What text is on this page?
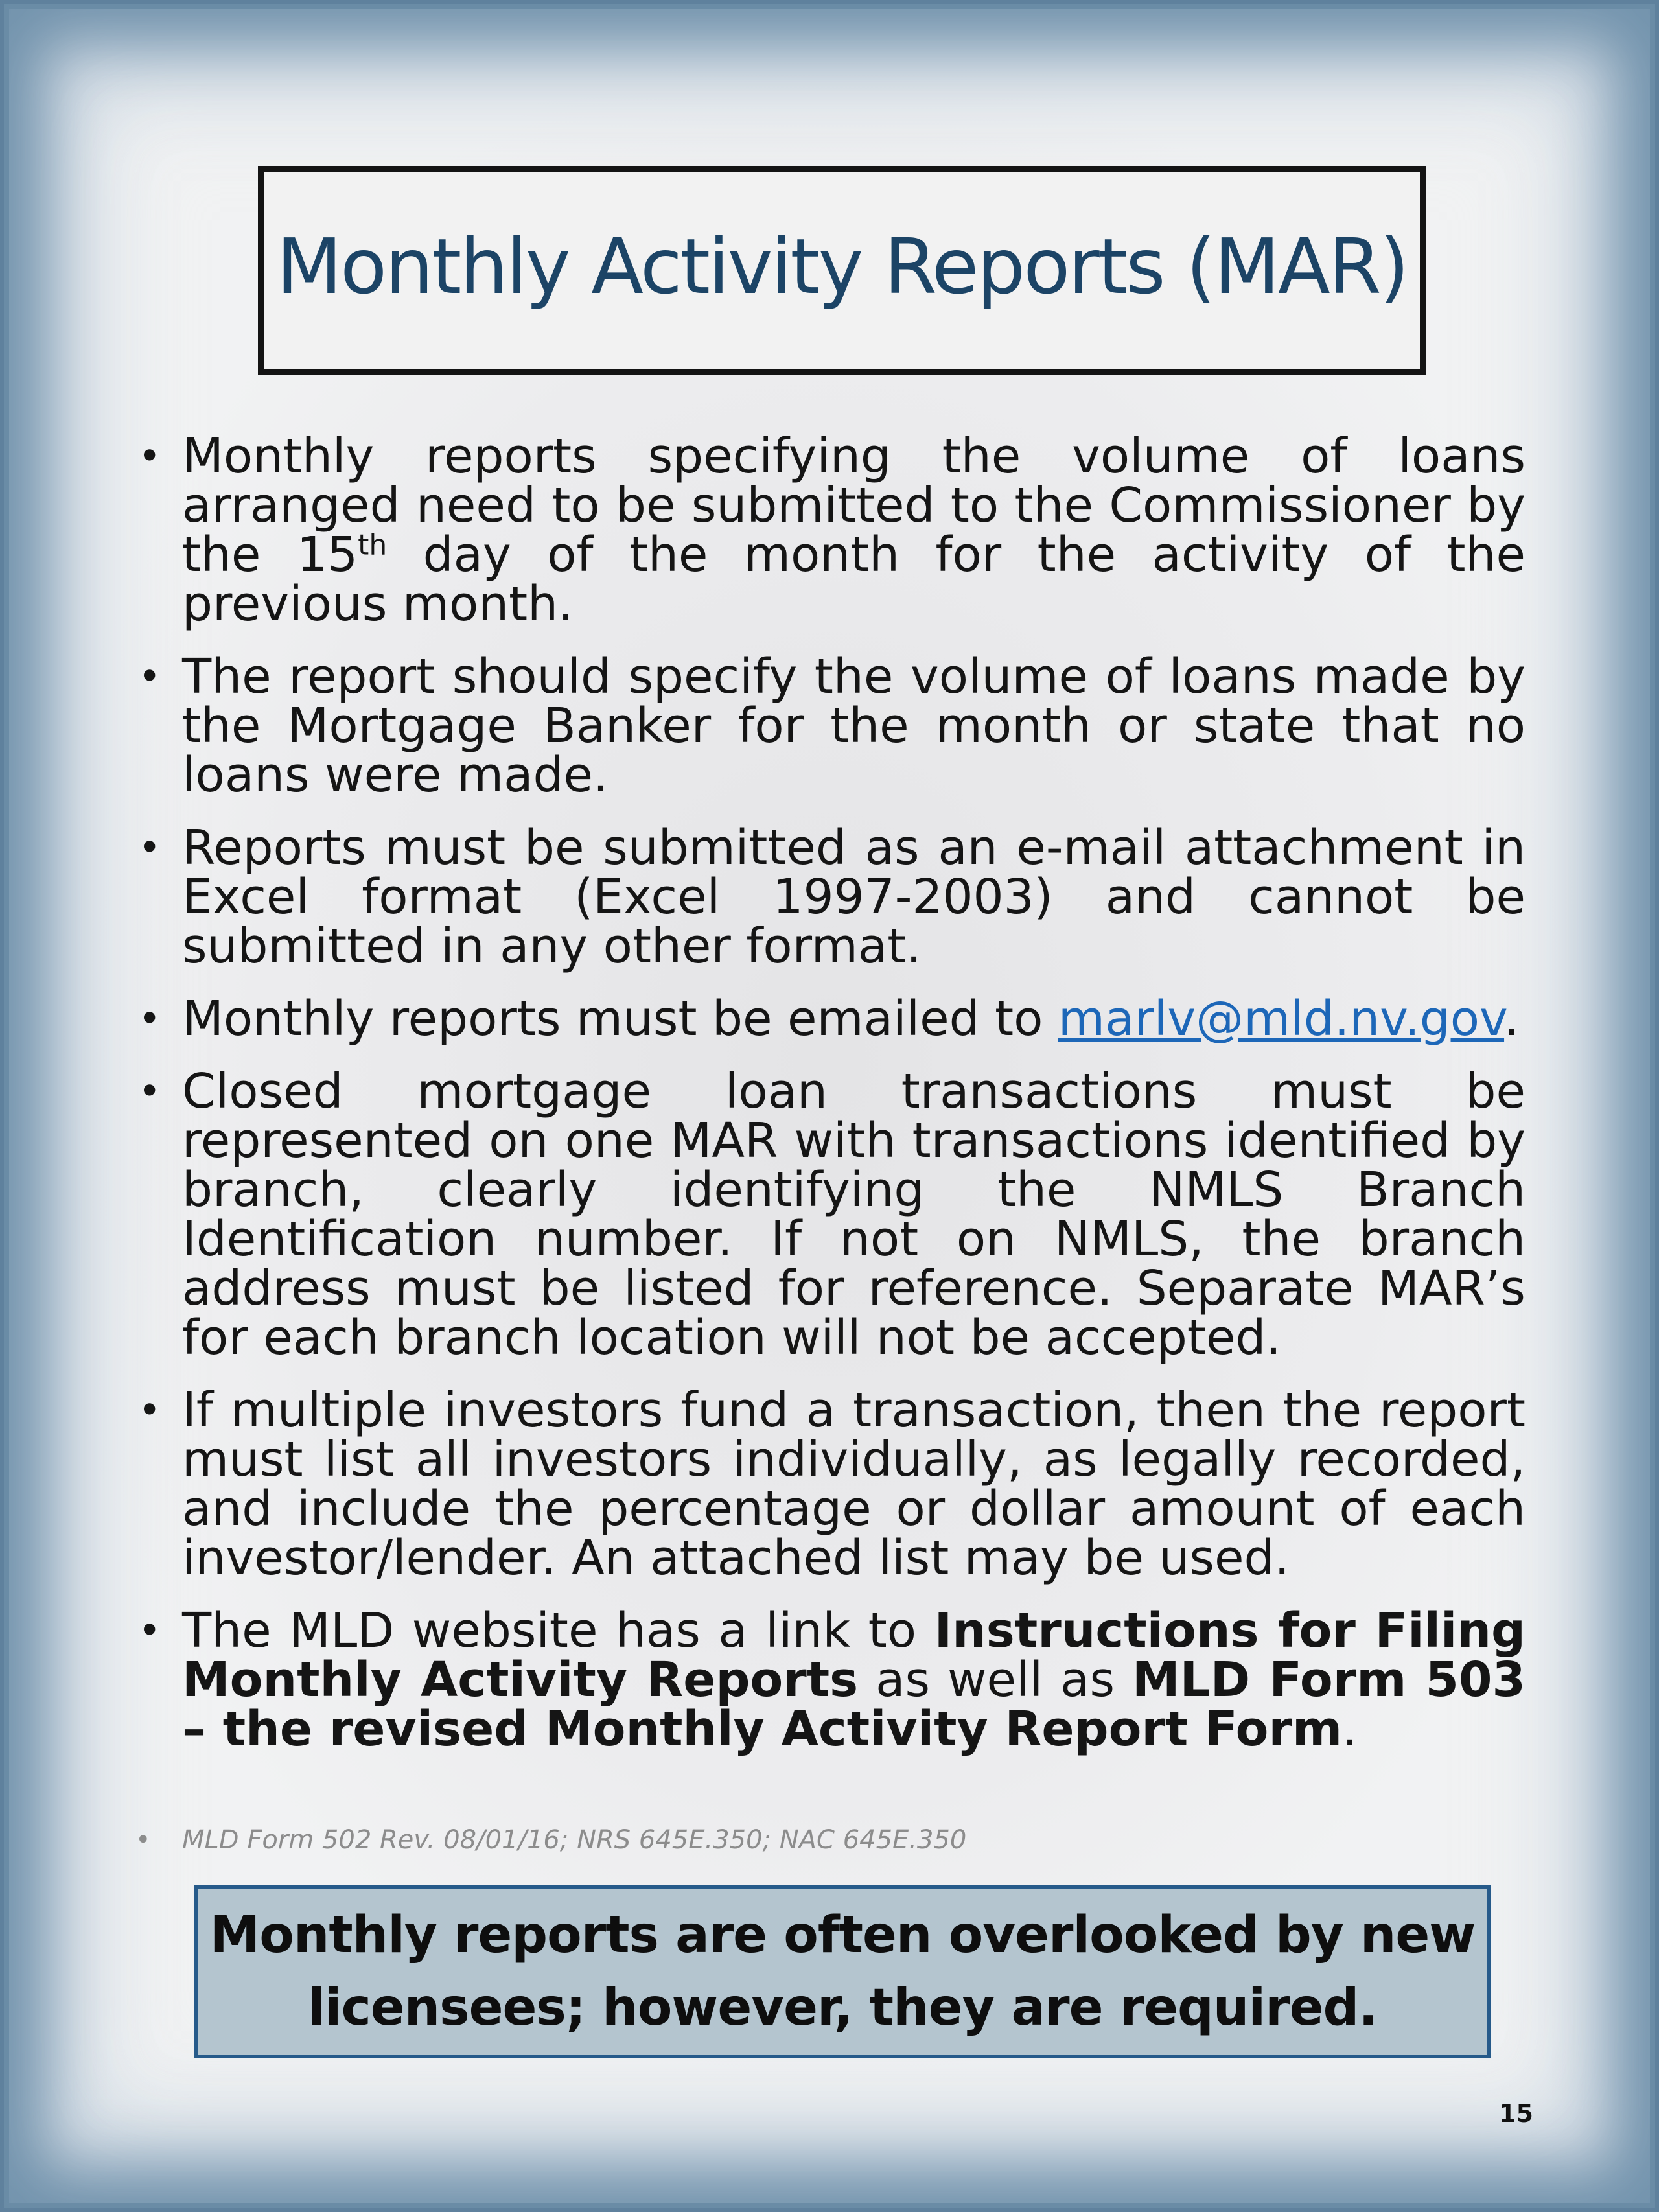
Monthly Activity Reports (MAR)
• Monthly reports specifying the volume of loans arranged need to be submitted to the Commissioner by the 15th day of the month for the activity of the previous month.
• The report should specify the volume of loans made by the Mortgage Banker for the month or state that no loans were made.
• Reports must be submitted as an e-mail attachment in Excel format (Excel 1997-2003) and cannot be submitted in any other format.
• Monthly reports must be emailed to marlv@mld.nv.gov.
• Closed mortgage loan transactions must be represented on one MAR with transactions identified by branch, clearly identifying the NMLS Branch Identification number. If not on NMLS, the branch address must be listed for reference. Separate MAR’s for each branch location will not be accepted.
• If multiple investors fund a transaction, then the report must list all investors individually, as legally recorded, and include the percentage or dollar amount of each investor/lender. An attached list may be used.
• The MLD website has a link to Instructions for Filing Monthly Activity Reports as well as MLD Form 503 – the revised Monthly Activity Report Form.
• MLD Form 502 Rev. 08/01/16; NRS 645E.350; NAC 645E.350
Monthly reports are often overlooked by new
licensees; however, they are required.
15
